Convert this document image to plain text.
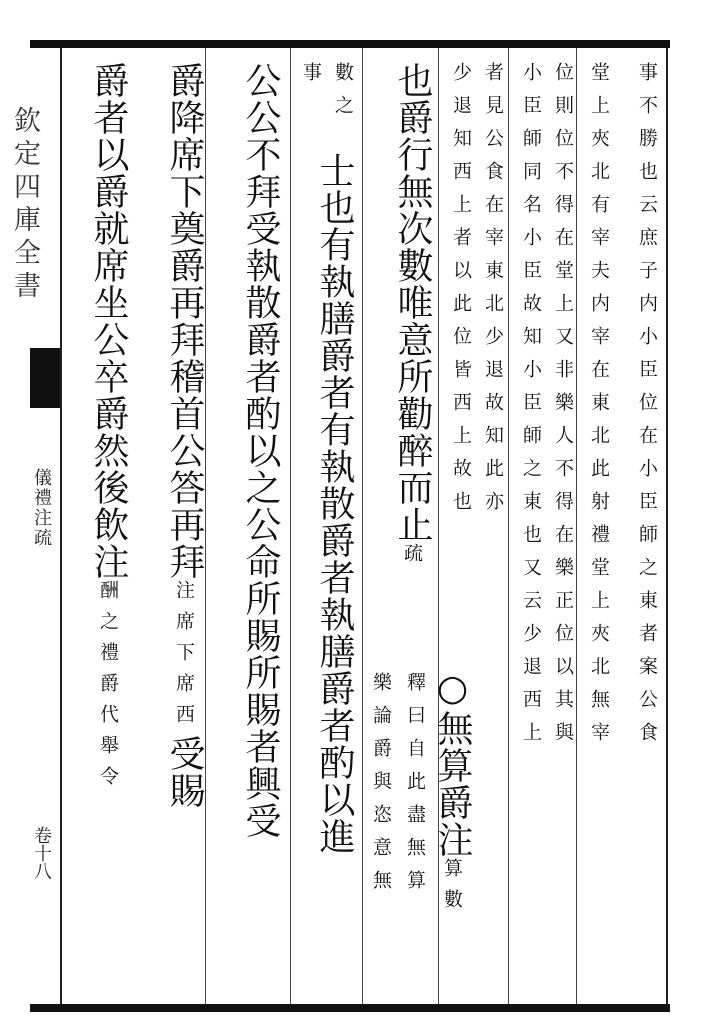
欽定四庫全書
儀禮注疏
卷十八
事不勝也云庶子内小臣位在小臣師之東者案公食
堂上夾北有宰夫内宰在東北此射禮堂上夾北無宰
位則位不得在堂上又非樂人不得在樂正位以其與
小臣師同名小臣故知小臣師之東也又云少退西上
者見公食在宰東北少退故知此亦
少退知西上者以此位皆西上故也
也爵行無次數唯意所勸醉而止疏
○無算爵注算數
釋曰自此盡無算
樂論爵與恣意無
數之
事
士也有執膳爵者有執散爵者執膳爵者酌以進
公公不拜受執散爵者酌以之公命所賜所賜者興受
爵降席下奠爵再拜稽首公答再拜注席下席西受賜
爵者以爵就席坐公卒爵然後飲注酬之禮爵代舉令
